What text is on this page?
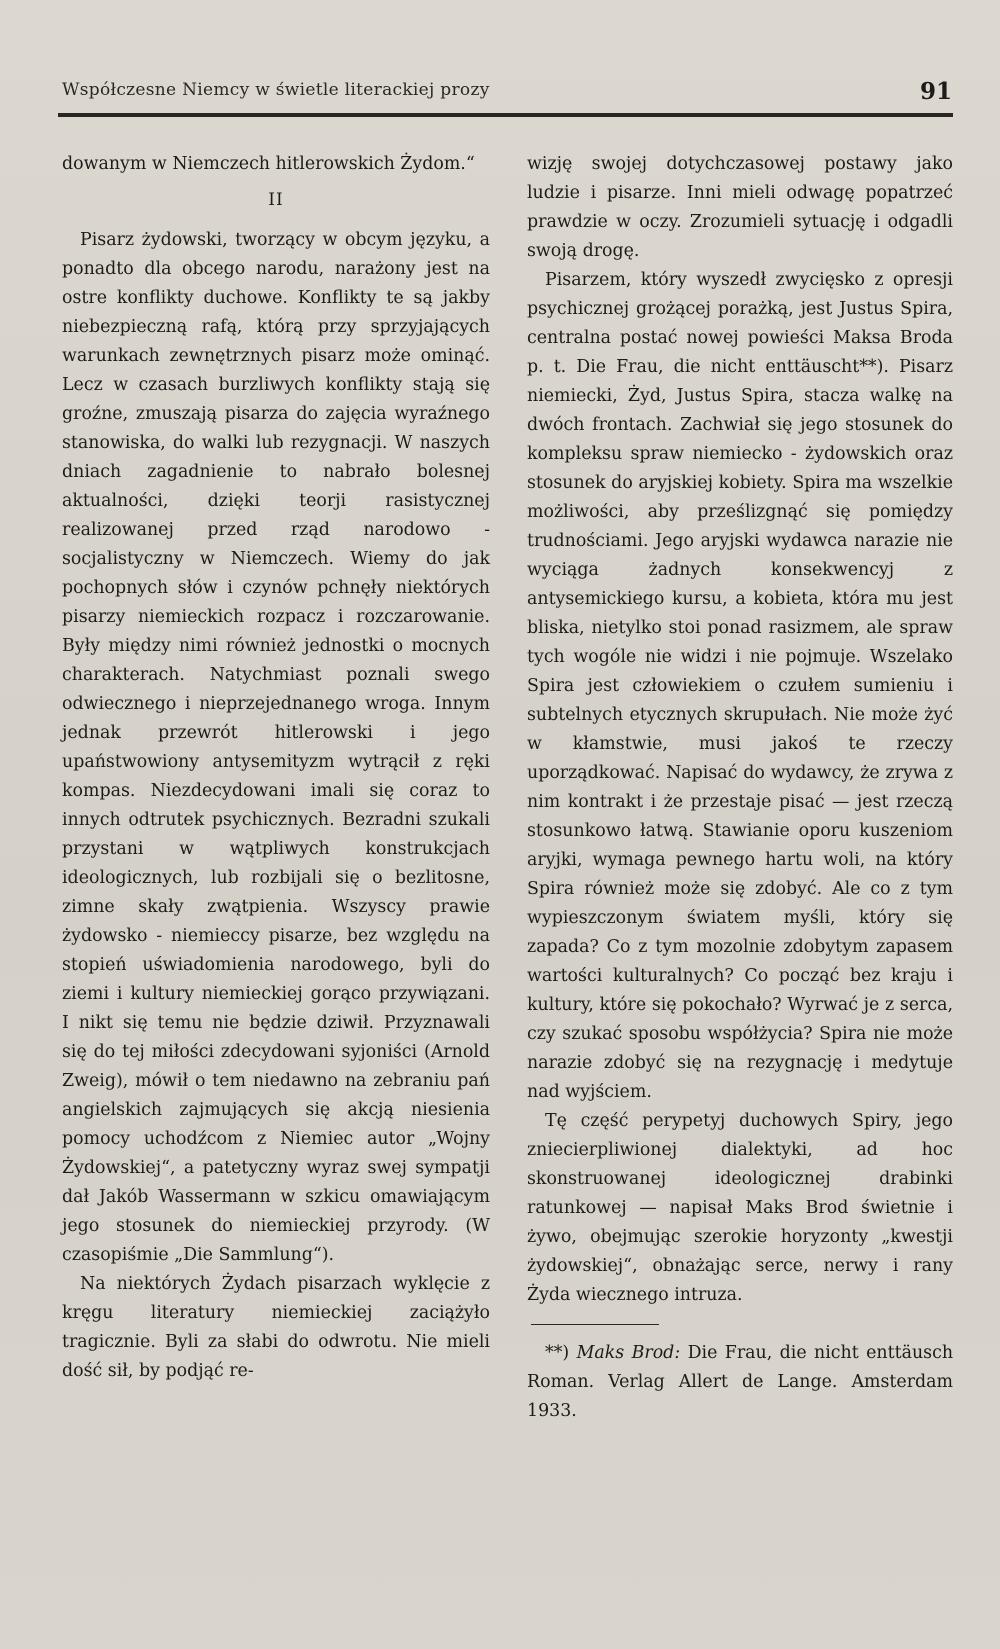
Współczesne Niemcy w świetle literackiej prozy	91

dowanym w Niemczech hitlerowskich Żydom.“

II

Pisarz żydowski, tworzący w obcym języku, a ponadto dla obcego narodu, narażony jest na ostre konflikty duchowe. Konflikty te są jakby niebezpieczną rafą, którą przy sprzyjających warunkach zewnętrznych pisarz może ominąć. Lecz w czasach burzliwych konflikty stają się groźne, zmuszają pisarza do zajęcia wyraźnego stanowiska, do walki lub rezygnacji. W naszych dniach zagadnienie to nabrało bolesnej aktualności, dzięki teorji rasistycznej realizowanej przed rząd narodowo - socjalistyczny w Niemczech. Wiemy do jak pochopnych słów i czynów pchnęły niektórych pisarzy niemieckich rozpacz i rozczarowanie. Były między nimi również jednostki o mocnych charakterach. Natychmiast poznali swego odwiecznego i nieprzejednanego wroga. Innym jednak przewrót hitlerowski i jego upaństwowiony antysemityzm wytrącił z ręki kompas. Niezdecydowani imali się coraz to innych odtrutek psychicznych. Bezradni szukali przystani w wątpliwych konstrukcjach ideologicznych, lub rozbijali się o bezlitosne, zimne skały zwątpienia. Wszyscy prawie żydowsko - niemieccy pisarze, bez względu na stopień uświadomienia narodowego, byli do ziemi i kultury niemieckiej gorąco przywiązani. I nikt się temu nie będzie dziwił. Przyznawali się do tej miłości zdecydowani syjoniści (Arnold Zweig), mówił o tem niedawno na zebraniu pań angielskich zajmujących się akcją niesienia pomocy uchodźcom z Niemiec autor „Wojny Żydowskiej“, a patetyczny wyraz swej sympatji dał Jakób Wassermann w szkicu omawiającym jego stosunek do niemieckiej przyrody. (W czasopiśmie „Die Sammlung“).

Na niektórych Żydach pisarzach wyklęcie z kręgu literatury niemieckiej zaciążyło tragicznie. Byli za słabi do odwrotu. Nie mieli dość sił, by podjąć re-

wizję swojej dotychczasowej postawy jako ludzie i pisarze. Inni mieli odwagę popatrzeć prawdzie w oczy. Zrozumieli sytuację i odgadli swoją drogę.

Pisarzem, który wyszedł zwycięsko z opresji psychicznej grożącej porażką, jest Justus Spira, centralna postać nowej powieści Maksa Broda p. t. Die Frau, die nicht enttäuscht**). Pisarz niemiecki, Żyd, Justus Spira, stacza walkę na dwóch frontach. Zachwiał się jego stosunek do kompleksu spraw niemiecko - żydowskich oraz stosunek do aryjskiej kobiety. Spira ma wszelkie możliwości, aby prześlizgnąć się pomiędzy trudnościami. Jego aryjski wydawca narazie nie wyciąga żadnych konsekwencyj z antysemickiego kursu, a kobieta, która mu jest bliska, nietylko stoi ponad rasizmem, ale spraw tych wogóle nie widzi i nie pojmuje. Wszelako Spira jest człowiekiem o czułem sumieniu i subtelnych etycznych skrupułach. Nie może żyć w kłamstwie, musi jakoś te rzeczy uporządkować. Napisać do wydawcy, że zrywa z nim kontrakt i że przestaje pisać — jest rzeczą stosunkowo łatwą. Stawianie oporu kuszeniom aryjki, wymaga pewnego hartu woli, na który Spira również może się zdobyć. Ale co z tym wypieszczonym światem myśli, który się zapada? Co z tym mozolnie zdobytym zapasem wartości kulturalnych? Co począć bez kraju i kultury, które się pokochało? Wyrwać je z serca, czy szukać sposobu współżycia? Spira nie może narazie zdobyć się na rezygnację i medytuje nad wyjściem.

Tę część perypetyj duchowych Spiry, jego zniecierpliwionej dialektyki, ad hoc skonstruowanej ideologicznej drabinki ratunkowej — napisał Maks Brod świetnie i żywo, obejmując szerokie horyzonty „kwestji żydowskiej“, obnażając serce, nerwy i rany Żyda wiecznego intruza.

**) Maks Brod: Die Frau, die nicht enttäusch Roman. Verlag Allert de Lange. Amsterdam 1933.
